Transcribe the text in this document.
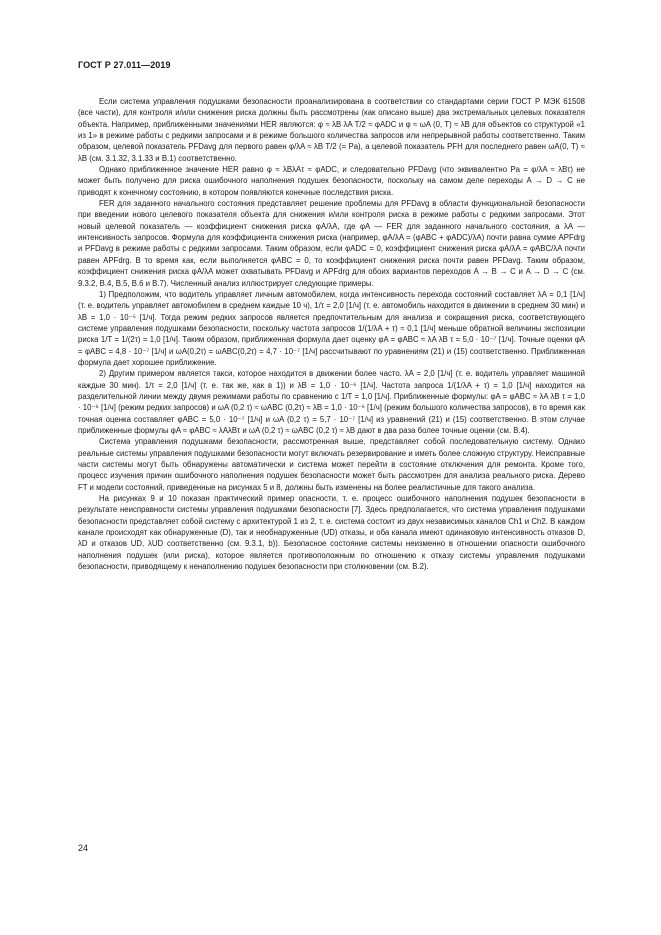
ГОСТ Р 27.011—2019

Если система управления подушками безопасности проанализирована в соответствии со стандартами серии ГОСТ Р МЭК 61508 (все части), для контроля и/или снижения риска должны быть рассмотрены (как описано выше) два экстремальных целевых показателя объекта. Например, приближенными значениями HER являются: φ ≈ λB λA T/2 ≈ φADC и φ ≈ ωA (0, T) ≈ λB для объектов со структурой «1 из 1» в режиме работы с редкими запросами и в режиме большого количества запросов или непрерывной работы соответственно. Таким образом, целевой показатель PFDavg для первого равен φ/λA ≈ λB T/2 (= Pa), а целевой показатель PFH для последнего равен ωA(0, T) ≈ λB (см. 3.1.32, 3.1.33 и В.1) соответственно.

Однако приближенное значение HER равно φ ≈ λBλAτ ≈ φADC, и следовательно PFDavg (что эквивалентно Pa = φ/λA ≈ λBτ) не может быть получено для риска ошибочного наполнения подушек безопасности, поскольку на самом деле переходы A → D → C не приводят к конечному состоянию, в котором появляются конечные последствия риска.

FER для заданного начального состояния представляет решение проблемы для PFDavg в области функциональной безопасности при введении нового целевого показателя объекта для снижения и/или контроля риска в режиме работы с редкими запросами. Этот новый целевой показатель — коэффициент снижения риска φA/λA, где φA — FER для заданного начального состояния, а λA — интенсивность запросов. Формула для коэффициента снижения риска (например, φA/λA = (φABC + φADC)/λA) почти равна сумме APFdrg и PFDavg в режиме работы с редкими запросами. Таким образом, если φADC = 0, коэффициент снижения риска φA/λA = φABC/λA почти равен APFdrg. В то время как, если выполняется φABC = 0, то коэффициент снижения риска почти равен PFDavg. Таким образом, коэффициент снижения риска φA/λA может охватывать PFDavg и APFdrg для обоих вариантов переходов A → B → C и A → D → C (см. 9.3.2, В.4, В.5, В.6 и В.7). Численный анализ иллюстрирует следующие примеры.

1) Предположим, что водитель управляет личным автомобилем, когда интенсивность перехода состояний составляет λA = 0,1 [1/ч] (т. е. водитель управляет автомобилем в среднем каждые 10 ч), 1/τ = 2,0 [1/ч] (т. е. автомобиль находится в движении в среднем 30 мин) и λB = 1,0 · 10⁻⁵ [1/ч]. Тогда режим редких запросов является предпочтительным для анализа и сокращения риска, соответствующего системе управления подушками безопасности, поскольку частота запросов 1/(1/λA + τ) ≈ 0,1 [1/ч] меньше обратной величины экспозиции риска 1/T = 1/(2τ) = 1,0 [1/ч]. Таким образом, приближенная формула дает оценку φA = φABC ≈ λA λB τ = 5,0 · 10⁻⁷ [1/ч]. Точные оценки φA = φABC = 4,8 · 10⁻⁷ [1/ч] и ωA(0,2τ) = ωABC(0,2τ) = 4,7 · 10⁻⁷ [1/ч] рассчитывают по уравнениям (21) и (15) соответственно. Приближенная формула дает хорошее приближение.

2) Другим примером является такси, которое находится в движении более часто. λA = 2,0 [1/ч] (т. е. водитель управляет машиной каждые 30 мин). 1/τ = 2,0 [1/ч] (т. е. так же, как в 1)) и λB = 1,0 · 10⁻⁶ [1/ч]. Частота запроса 1/(1/λA + τ) = 1,0 [1/ч] находится на разделительной линии между двумя режимами работы по сравнению с 1/T = 1,0 [1/ч]. Приближенные формулы: φA = φABC ≈ λA λB τ = 1,0 · 10⁻⁶ [1/ч] (режим редких запросов) и ωA (0,2 τ) ≈ ωABC (0,2τ) ≈ λB = 1,0 · 10⁻⁶ [1/ч] (режим большого количества запросов), в то время как точная оценка составляет φABC = 5,0 · 10⁻⁷ [1/ч] и ωA (0,2 τ) = 5,7 · 10⁻⁷ [1/ч] из уравнений (21) и (15) соответственно. В этом случае приближенные формулы φA ≈ φABC ≈ λAλBτ и ωA (0,2 τ) ≈ ωABC (0,2 τ) ≈ λB дают в два раза более точные оценки (см. В.4).

Система управления подушками безопасности, рассмотренная выше, представляет собой последовательную систему. Однако реальные системы управления подушками безопасности могут включать резервирование и иметь более сложную структуру. Неисправные части системы могут быть обнаружены автоматически и система может перейти в состояние отключения для ремонта. Кроме того, процесс изучения причин ошибочного наполнения подушек безопасности может быть рассмотрен для анализа реального риска. Дерево FT и модели состояний, приведенные на рисунках 5 и 8, должны быть изменены на более реалистичные для такого анализа.

На рисунках 9 и 10 показан практический пример опасности, т. е. процесс ошибочного наполнения подушек безопасности в результате неисправности системы управления подушками безопасности [7]. Здесь предполагается, что система управления подушками безопасности представляет собой систему с архитектурой 1 из 2, т. е. система состоит из двух независимых каналов Ch1 и Ch2. В каждом канале происходят как обнаруженные (D), так и необнаруженные (UD) отказы, и оба канала имеют одинаковую интенсивность отказов D, λD и отказов UD, λUD соответственно (см. 9.3.1, b)). Безопасное состояние системы неизменно в отношении опасности ошибочного наполнения подушек (или риска), которое является противоположным по отношению к отказу системы управления подушками безопасности, приводящему к ненаполнению подушек безопасности при столкновении (см. В.2).

24
